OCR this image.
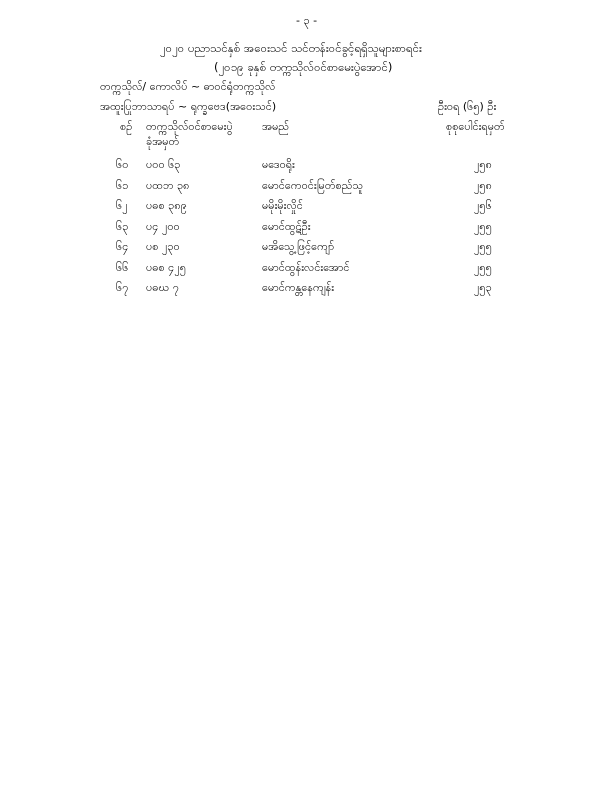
- ၃ -
၂၀၂၀ ပညာသင်နှစ် အဝေးသင် သင်တန်းဝင်ခွင့်ရရှိသူများစာရင်း
(၂၀၁၉ ခုနှစ် တက္ကသိုလ်ဝင်စာမေးပွဲအောင်)
တက္ကသိုလ်/ ကောလိပ် ~ ဓာဝင်ရုံတက္ကသိုလ်
အထူးပြုဘာသာရပ် ~ ရုက္ခဗေဒ(အဝေးသင်)	ဦးဝရ (၆၅) ဦး
စဉ် တက္ကသိုလ်ဝင်စာမေးပွဲ
ခုံအမှတ်
အမည်	စုစုပေါင်းရမှတ်
၆၀ ပဝဝ ၆၃	မဒေဝရိုး	၂၅၈
၆၁ ပထဘ ၃၈	မောင်ကေဝင်းမြတ်စည်သူ	၂၅၈
၆၂ ပဓစ ၃၈၉	မမိုးမိုးလှိုင်	၂၅၆
၆၃ ပ၄ ၂၀၀	မောင်ထွဋ်ဦး	၂၅၅
၆၄ ပစ ၂၃၀	မအိသွေ့ဖြင့်ကျော်	၂၅၅
၆၆ ပဓစ ၄၂၅	မောင်ထွန်းလင်းအောင်	၂၅၅
၆၇ ပဓဃ ၇	မောင်ကန္တနေကျန်း	၂၅၃
